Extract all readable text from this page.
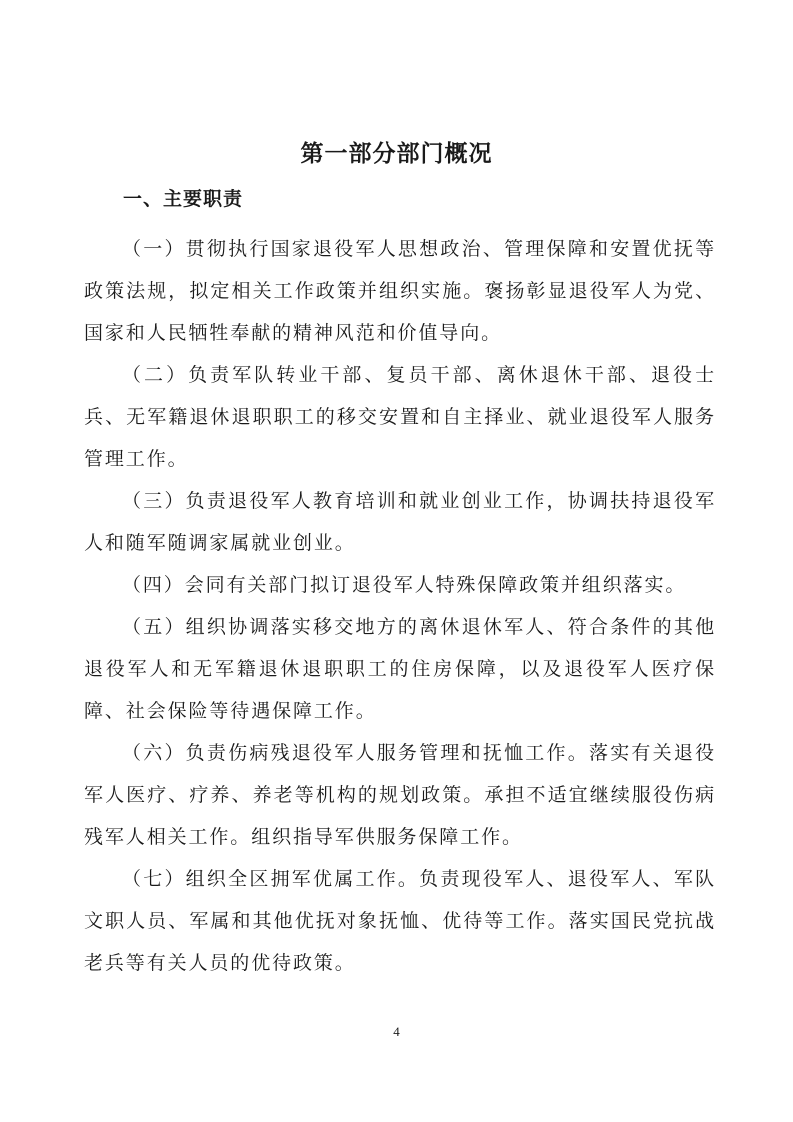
第一部分部门概况
一、主要职责

（一）贯彻执行国家退役军人思想政治、管理保障和安置优抚等政策法规，拟定相关工作政策并组织实施。褒扬彰显退役军人为党、国家和人民牺牲奉献的精神风范和价值导向。

（二）负责军队转业干部、复员干部、离休退休干部、退役士兵、无军籍退休退职职工的移交安置和自主择业、就业退役军人服务管理工作。

（三）负责退役军人教育培训和就业创业工作，协调扶持退役军人和随军随调家属就业创业。

（四）会同有关部门拟订退役军人特殊保障政策并组织落实。

（五）组织协调落实移交地方的离休退休军人、符合条件的其他退役军人和无军籍退休退职职工的住房保障，以及退役军人医疗保障、社会保险等待遇保障工作。

（六）负责伤病残退役军人服务管理和抚恤工作。落实有关退役军人医疗、疗养、养老等机构的规划政策。承担不适宜继续服役伤病残军人相关工作。组织指导军供服务保障工作。

（七）组织全区拥军优属工作。负责现役军人、退役军人、军队文职人员、军属和其他优抚对象抚恤、优待等工作。落实国民党抗战老兵等有关人员的优待政策。

4
